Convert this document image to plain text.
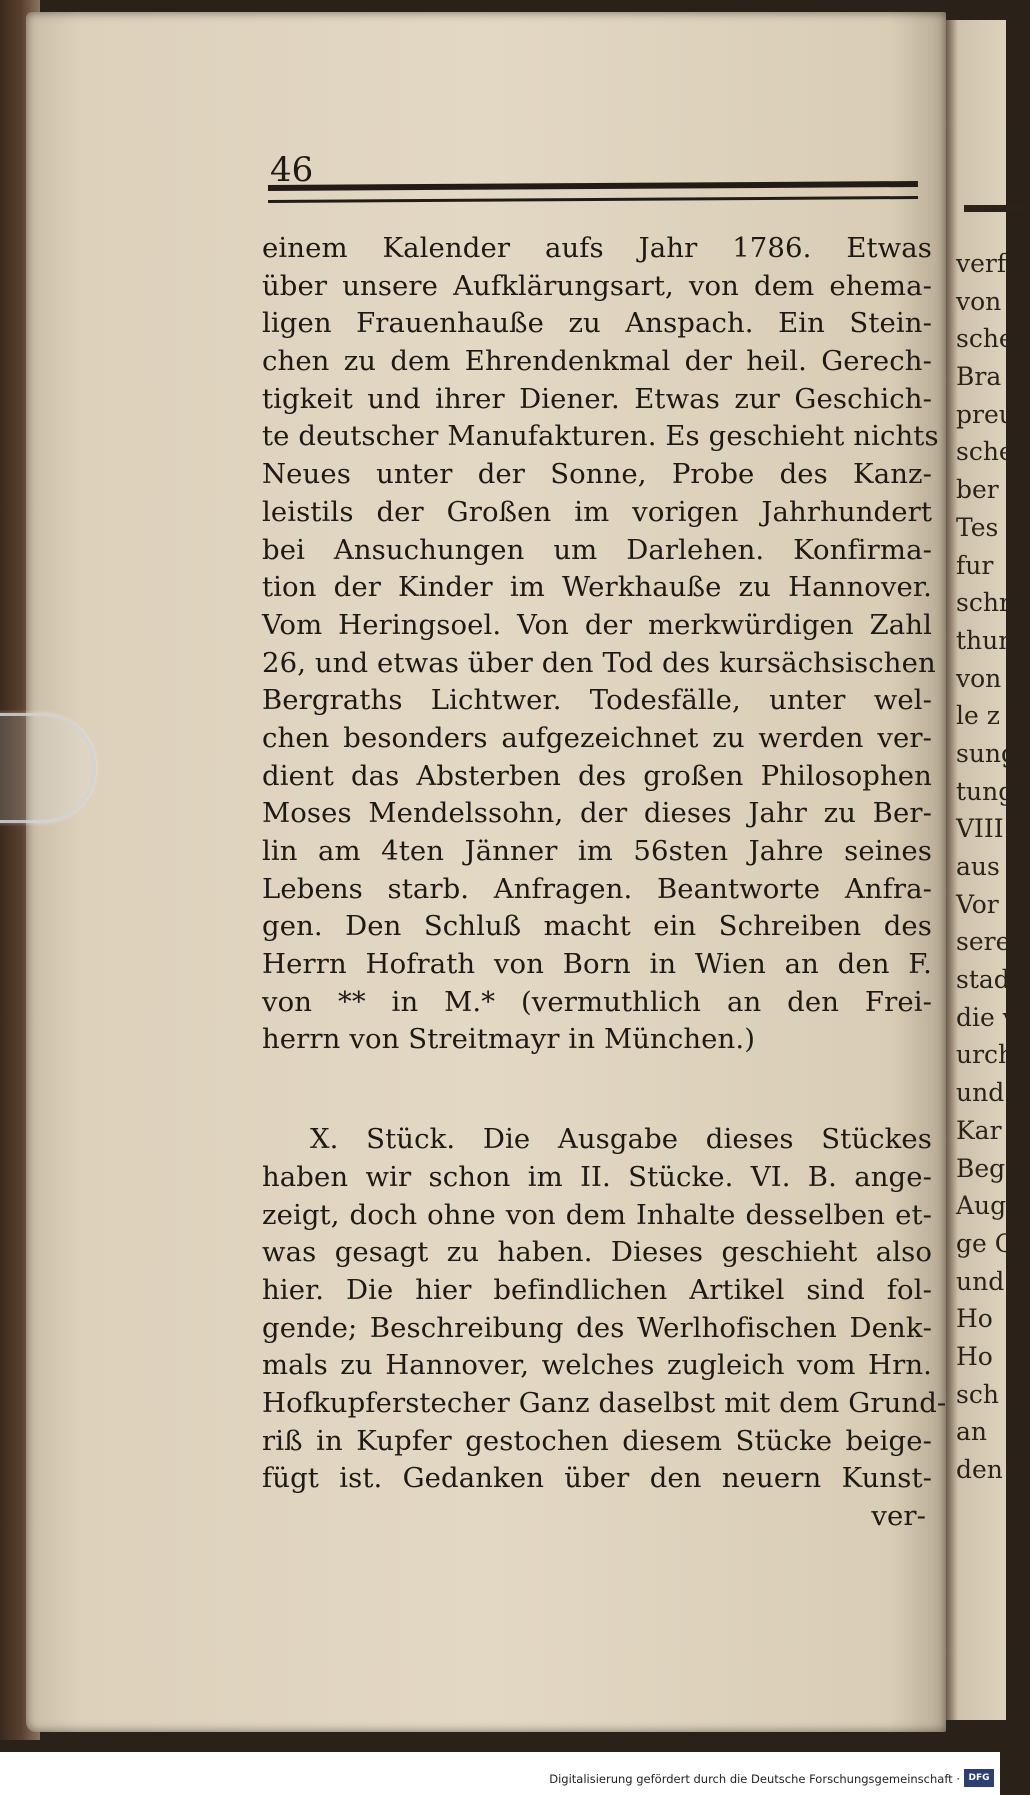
verfa
von S
schen
Bra
preu
sche
ber
Tes
fur
schre
thun
von
le z
sung
tung
VIII
aus
Vor
sere
stadt
die v
urch
und
Kar
Beg
Aug
ge G
und
Ho
Ho
sch
an
den
46
einem Kalender aufs Jahr 1786. Etwas
über unsere Aufklärungsart, von dem ehema‑
ligen Frauenhauße zu Anspach. Ein Stein‑
chen zu dem Ehrendenkmal der heil. Gerech‑
tigkeit und ihrer Diener. Etwas zur Geschich‑
te deutscher Manufakturen. Es geschieht nichts
Neues unter der Sonne, Probe des Kanz‑
leistils der Großen im vorigen Jahrhundert
bei Ansuchungen um Darlehen. Konfirma‑
tion der Kinder im Werkhauße zu Hannover.
Vom Heringsoel. Von der merkwürdigen Zahl
26, und etwas über den Tod des kursächsischen
Bergraths Lichtwer. Todesfälle, unter wel‑
chen besonders aufgezeichnet zu werden ver‑
dient das Absterben des großen Philosophen
Moses Mendelssohn, der dieses Jahr zu Ber‑
lin am 4ten Jänner im 56sten Jahre seines
Lebens starb. Anfragen. Beantworte Anfra‑
gen. Den Schluß macht ein Schreiben des
Herrn Hofrath von Born in Wien an den F.
von ** in M.* (vermuthlich an den Frei‑
herrn von Streitmayr in München.)
X. Stück. Die Ausgabe dieses Stückes
haben wir schon im II. Stücke. VI. B. ange‑
zeigt, doch ohne von dem Inhalte desselben et‑
was gesagt zu haben. Dieses geschieht also
hier. Die hier befindlichen Artikel sind fol‑
gende; Beschreibung des Werlhofischen Denk‑
mals zu Hannover, welches zugleich vom Hrn.
Hofkupferstecher Ganz daselbst mit dem Grund‑
riß in Kupfer gestochen diesem Stücke beige‑
fügt ist. Gedanken über den neuern Kunst‑
ver‑
Digitalisierung gefördert durch die Deutsche Forschungsgemeinschaft · DFG
